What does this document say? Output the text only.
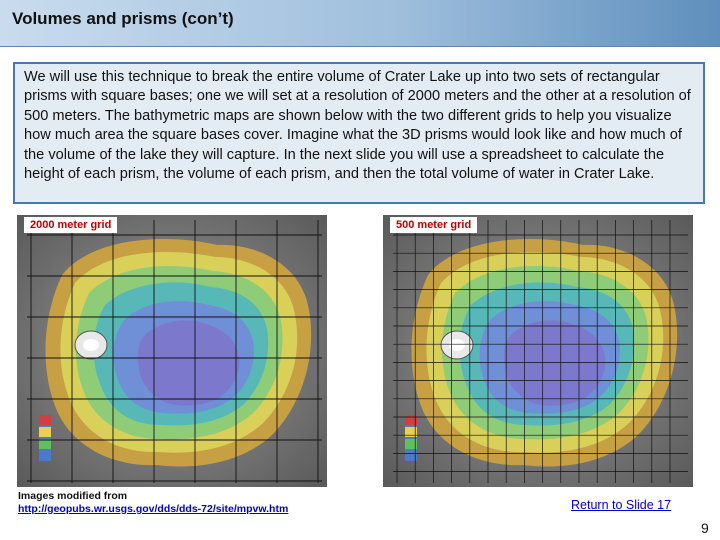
Volumes and prisms (con’t)
We will use this technique to break the entire volume of Crater Lake up into two sets of rectangular prisms with square bases; one we will set at a resolution of 2000 meters and the other at a resolution of 500 meters. The bathymetric maps are shown below with the two different grids to help you visualize how much area the square bases cover. Imagine what the 3D prisms would look like and how much of the volume of the lake they will capture. In the next slide you will use a spreadsheet to calculate the height of each prism, the volume of each prism, and then the total volume of water in Crater Lake.
2000 meter grid	500 meter grid
Images modified from
http://geopubs.wr.usgs.gov/dds/dds-72/site/mpvw.htm	Return to Slide 17
9
